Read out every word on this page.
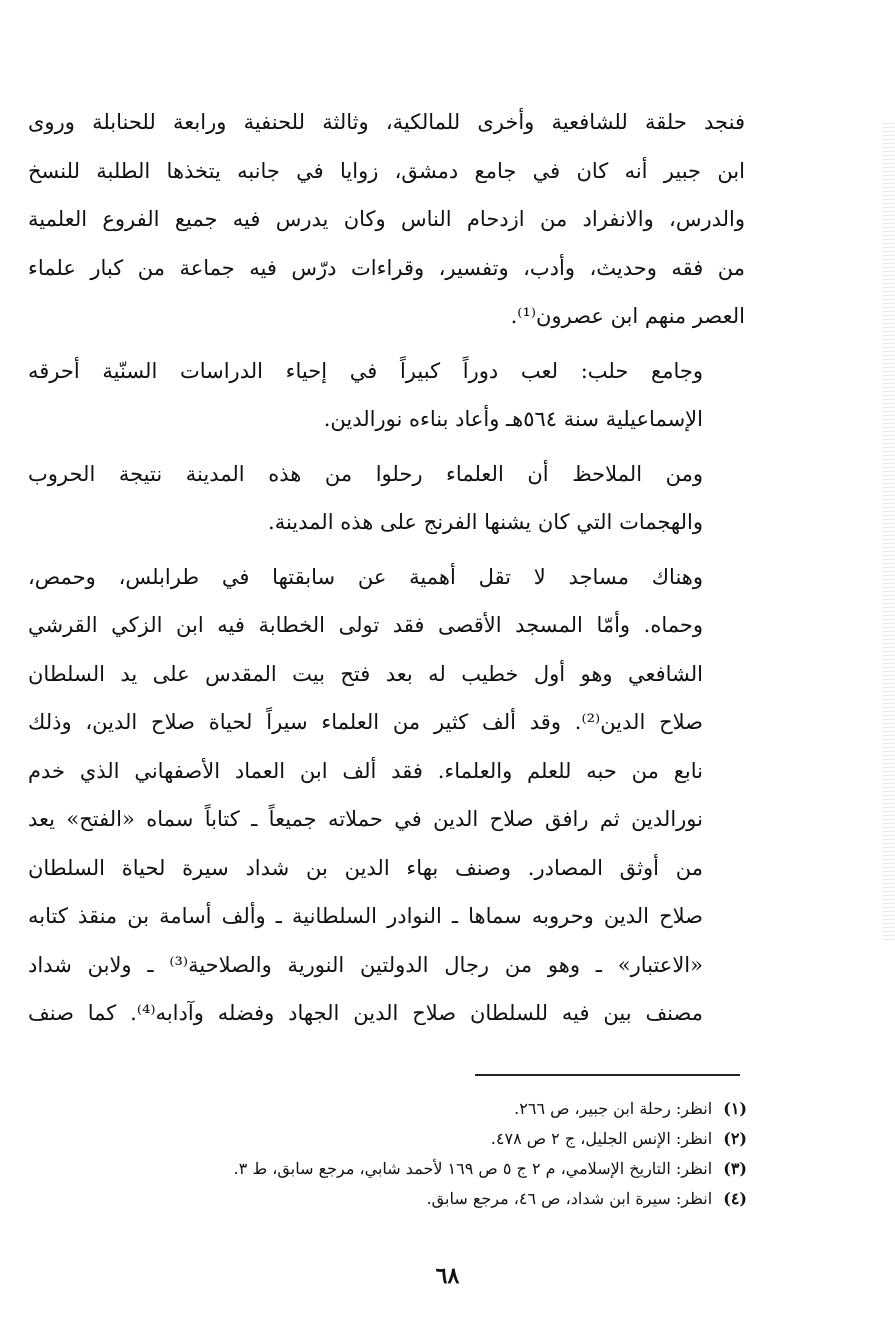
فنجد حلقة للشافعية وأخرى للمالكية، وثالثة للحنفية ورابعة للحنابلة وروى
ابن جبير أنه كان في جامع دمشق، زوايا في جانبه يتخذها الطلبة للنسخ
والدرس، والانفراد من ازدحام الناس وكان يدرس فيه جميع الفروع العلمية
من فقه وحديث، وأدب، وتفسير، وقراءات درّس فيه جماعة من كبار علماء
العصر منهم ابن عصرون⁽¹⁾.

وجامع حلب: لعب دوراً كبيراً في إحياء الدراسات السنّية أحرقه
الإسماعيلية سنة ٥٦٤هـ وأعاد بناءه نورالدين.

ومن الملاحظ أن العلماء رحلوا من هذه المدينة نتيجة الحروب
والهجمات التي كان يشنها الفرنج على هذه المدينة.

وهناك مساجد لا تقل أهمية عن سابقتها في طرابلس، وحمص،
وحماه. وأمّا المسجد الأقصى فقد تولى الخطابة فيه ابن الزكي القرشي
الشافعي وهو أول خطيب له بعد فتح بيت المقدس على يد السلطان
صلاح الدين⁽²⁾. وقد ألف كثير من العلماء سيراً لحياة صلاح الدين، وذلك
نابع من حبه للعلم والعلماء. فقد ألف ابن العماد الأصفهاني الذي خدم
نورالدين ثم رافق صلاح الدين في حملاته جميعاً ـ كتاباً سماه «الفتح» يعد
من أوثق المصادر. وصنف بهاء الدين بن شداد سيرة لحياة السلطان
صلاح الدين وحروبه سماها ـ النوادر السلطانية ـ وألف أسامة بن منقذ كتابه
«الاعتبار» ـ وهو من رجال الدولتين النورية والصلاحية⁽³⁾ ـ ولابن شداد
مصنف بين فيه للسلطان صلاح الدين الجهاد وفضله وآدابه⁽⁴⁾. كما صنف

(١) انظر: رحلة ابن جبير، ص ٢٦٦.
(٢) انظر: الإنس الجليل، ج ٢ ص ٤٧٨.
(٣) انظر: التاريخ الإسلامي، م ٢ ج ٥ ص ١٦٩ لأحمد شابي، مرجع سابق، ط ٣.
(٤) انظر: سيرة ابن شداد، ص ٤٦، مرجع سابق.
٦٨
